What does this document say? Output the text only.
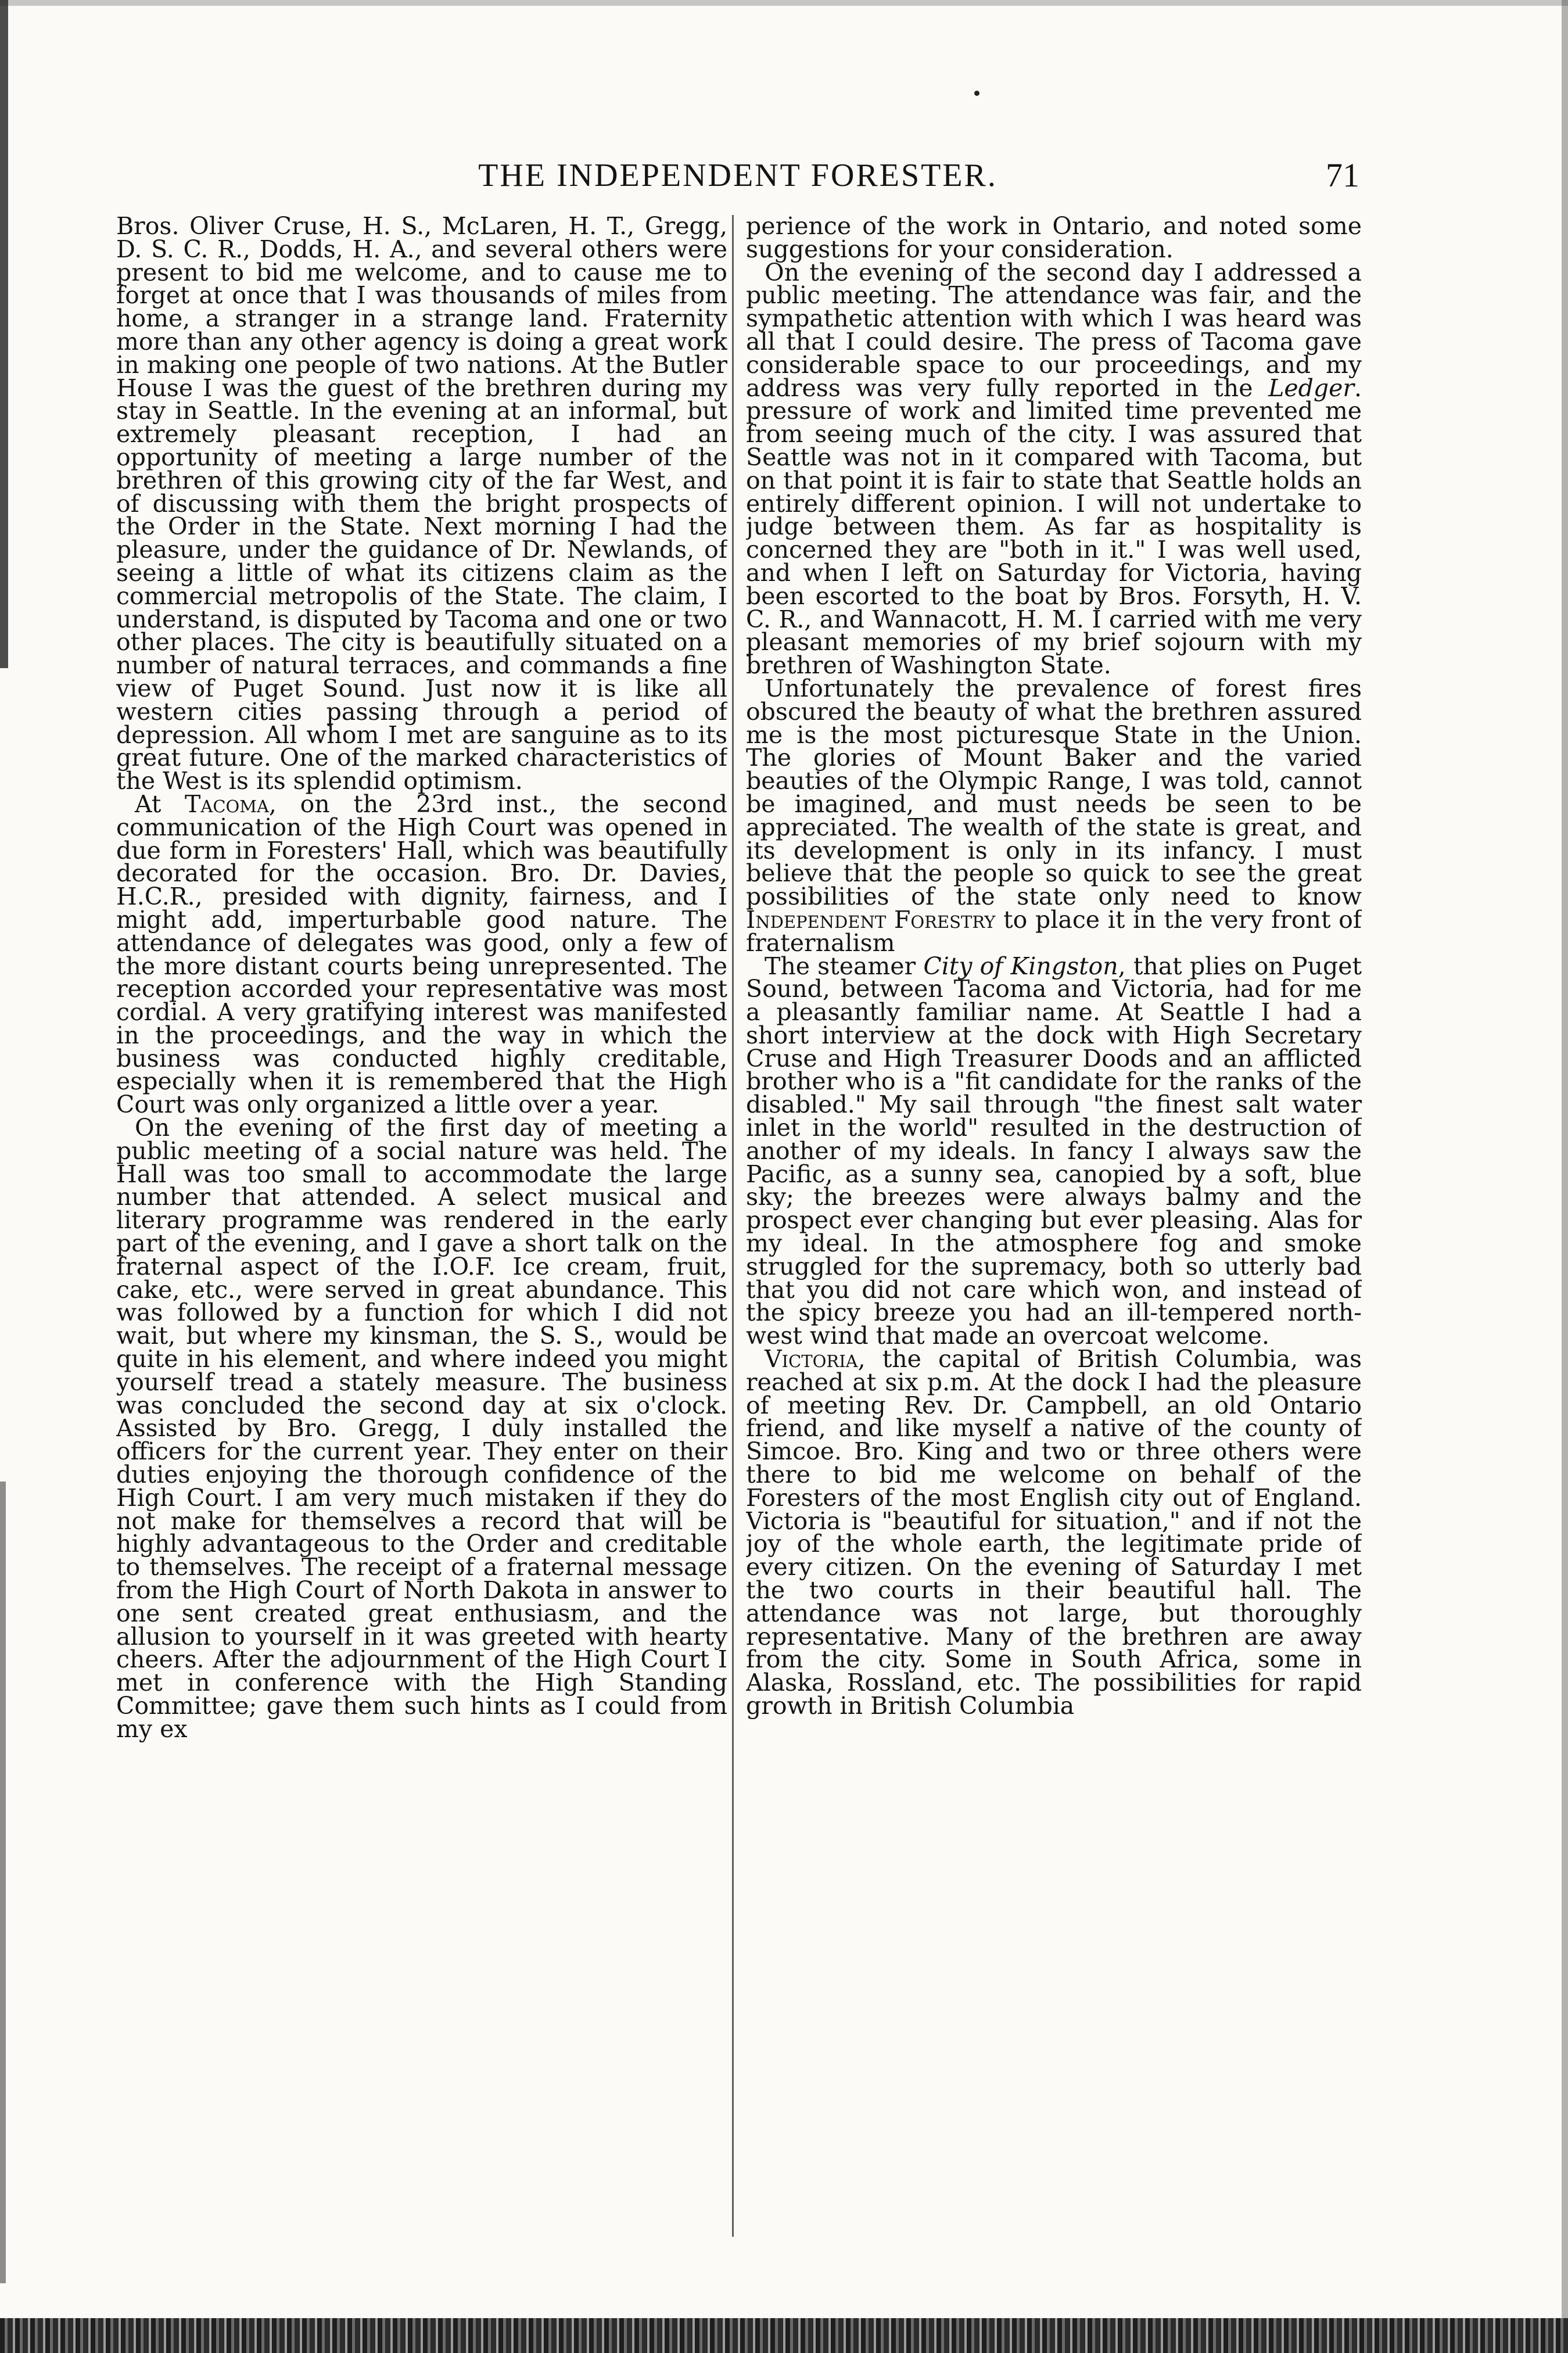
THE INDEPENDENT FORESTER.	71

Bros. Oliver Cruse, H. S., McLaren, H. T., Gregg, D. S. C. R., Dodds, H. A., and several others were present to bid me welcome, and to cause me to forget at once that I was thousands of miles from home, a stranger in a strange land. Fraternity more than any other agency is doing a great work in making one people of two nations. At the Butler House I was the guest of the brethren during my stay in Seattle. In the evening at an informal, but extremely pleasant reception, I had an opportunity of meeting a large number of the brethren of this growing city of the far West, and of discussing with them the bright prospects of the Order in the State. Next morning I had the pleasure, under the guidance of Dr. Newlands, of seeing a little of what its citizens claim as the commercial metropolis of the State. The claim, I understand, is disputed by Tacoma and one or two other places. The city is beautifully situated on a number of natural terraces, and commands a fine view of Puget Sound. Just now it is like all western cities passing through a period of depression. All whom I met are sanguine as to its great future. One of the marked characteristics of the West is its splendid optimism.

At Tacoma, on the 23rd inst., the second communication of the High Court was opened in due form in Foresters' Hall, which was beautifully decorated for the occasion. Bro. Dr. Davies, H.C.R., presided with dignity, fairness, and I might add, imperturbable good nature. The attendance of delegates was good, only a few of the more distant courts being unrepresented. The reception accorded your representative was most cordial. A very gratifying interest was manifested in the proceedings, and the way in which the business was conducted highly creditable, especially when it is remembered that the High Court was only organized a little over a year.

On the evening of the first day of meeting a public meeting of a social nature was held. The Hall was too small to accommodate the large number that attended. A select musical and literary programme was rendered in the early part of the evening, and I gave a short talk on the fraternal aspect of the I.O.F. Ice cream, fruit, cake, etc., were served in great abundance. This was followed by a function for which I did not wait, but where my kinsman, the S. S., would be quite in his element, and where indeed you might yourself tread a stately measure. The business was concluded the second day at six o'clock. Assisted by Bro. Gregg, I duly installed the officers for the current year. They enter on their duties enjoying the thorough confidence of the High Court. I am very much mistaken if they do not make for themselves a record that will be highly advantageous to the Order and creditable to themselves. The receipt of a fraternal message from the High Court of North Dakota in answer to one sent created great enthusiasm, and the allusion to yourself in it was greeted with hearty cheers. After the adjournment of the High Court I met in conference with the High Standing Committee; gave them such hints as I could from my ex

perience of the work in Ontario, and noted some suggestions for your consideration.

On the evening of the second day I addressed a public meeting. The attendance was fair, and the sympathetic attention with which I was heard was all that I could desire. The press of Tacoma gave considerable space to our proceedings, and my address was very fully reported in the Ledger. pressure of work and limited time prevented me from seeing much of the city. I was assured that Seattle was not in it compared with Tacoma, but on that point it is fair to state that Seattle holds an entirely different opinion. I will not undertake to judge between them. As far as hospitality is concerned they are "both in it." I was well used, and when I left on Saturday for Victoria, having been escorted to the boat by Bros. Forsyth, H. V. C. R., and Wannacott, H. M. I carried with me very pleasant memories of my brief sojourn with my brethren of Washington State.

Unfortunately the prevalence of forest fires obscured the beauty of what the brethren assured me is the most picturesque State in the Union. The glories of Mount Baker and the varied beauties of the Olympic Range, I was told, cannot be imagined, and must needs be seen to be appreciated. The wealth of the state is great, and its development is only in its infancy. I must believe that the people so quick to see the great possibilities of the state only need to know Independent Forestry to place it in the very front of fraternalism

The steamer City of Kingston, that plies on Puget Sound, between Tacoma and Victoria, had for me a pleasantly familiar name. At Seattle I had a short interview at the dock with High Secretary Cruse and High Treasurer Doods and an afflicted brother who is a "fit candidate for the ranks of the disabled." My sail through "the finest salt water inlet in the world" resulted in the destruction of another of my ideals. In fancy I always saw the Pacific, as a sunny sea, canopied by a soft, blue sky; the breezes were always balmy and the prospect ever changing but ever pleasing. Alas for my ideal. In the atmosphere fog and smoke struggled for the supremacy, both so utterly bad that you did not care which won, and instead of the spicy breeze you had an ill-tempered north-west wind that made an overcoat welcome.

Victoria, the capital of British Columbia, was reached at six p.m. At the dock I had the pleasure of meeting Rev. Dr. Campbell, an old Ontario friend, and like myself a native of the county of Simcoe. Bro. King and two or three others were there to bid me welcome on behalf of the Foresters of the most English city out of England. Victoria is "beautiful for situation," and if not the joy of the whole earth, the legitimate pride of every citizen. On the evening of Saturday I met the two courts in their beautiful hall. The attendance was not large, but thoroughly representative. Many of the brethren are away from the city. Some in South Africa, some in Alaska, Rossland, etc. The possibilities for rapid growth in British Columbia
